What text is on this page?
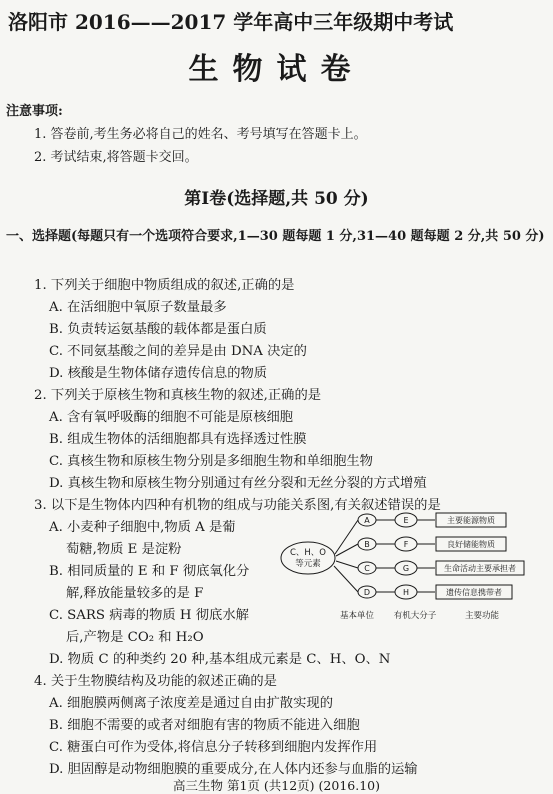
洛阳市 2016——2017 学年高中三年级期中考试
生物试卷
注意事项:
1. 答卷前,考生务必将自己的姓名、考号填写在答题卡上。
2. 考试结束,将答题卡交回。
第Ⅰ卷(选择题,共 50 分)
一、选择题(每题只有一个选项符合要求,1—30 题每题 1 分,31—40 题每题 2 分,共 50 分)
1. 下列关于细胞中物质组成的叙述,正确的是
A. 在活细胞中氧原子数量最多
B. 负责转运氨基酸的载体都是蛋白质
C. 不同氨基酸之间的差异是由 DNA 决定的
D. 核酸是生物体储存遗传信息的物质
2. 下列关于原核生物和真核生物的叙述,正确的是
A. 含有氧呼吸酶的细胞不可能是原核细胞
B. 组成生物体的活细胞都具有选择透过性膜
C. 真核生物和原核生物分别是多细胞生物和单细胞生物
D. 真核生物和原核生物分别通过有丝分裂和无丝分裂的方式增殖
3. 以下是生物体内四种有机物的组成与功能关系图,有关叙述错误的是
A. 小麦种子细胞中,物质 A 是葡
萄糖,物质 E 是淀粉
B. 相同质量的 E 和 F 彻底氧化分
解,释放能量较多的是 F
C. SARS 病毒的物质 H 彻底水解
后,产物是 CO₂ 和 H₂O
D. 物质 C 的种类约 20 种,基本组成元素是 C、H、O、N
C、H、O
等元素
A	E	主要能源物质
B	F	良好储能物质
C	G	生命活动主要承担者
D	H	遗传信息携带者
基本单位 有机大分子	主要功能
4. 关于生物膜结构及功能的叙述正确的是
A. 细胞膜两侧离子浓度差是通过自由扩散实现的
B. 细胞不需要的或者对细胞有害的物质不能进入细胞
C. 糖蛋白可作为受体,将信息分子转移到细胞内发挥作用
D. 胆固醇是动物细胞膜的重要成分,在人体内还参与血脂的运输
高三生物 第1页 (共12页) (2016.10)
